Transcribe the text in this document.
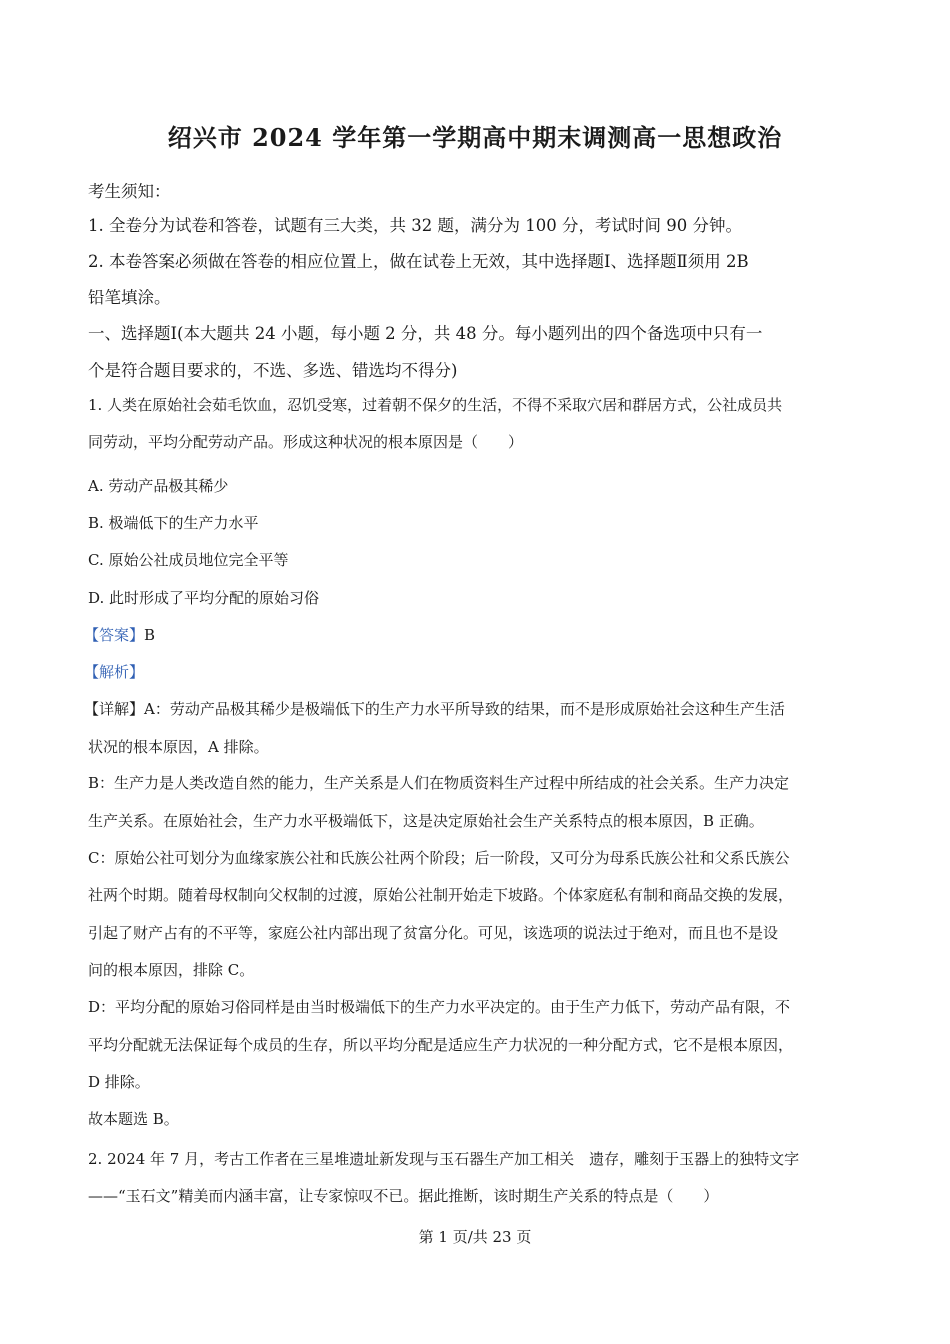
绍兴市 2024 学年第一学期高中期末调测高一思想政治
考生须知：
1. 全卷分为试卷和答卷，试题有三大类，共 32 题，满分为 100 分，考试时间 90 分钟。
2. 本卷答案必须做在答卷的相应位置上，做在试卷上无效，其中选择题Ⅰ、选择题Ⅱ须用 2B
铅笔填涂。
一、选择题Ⅰ(本大题共 24 小题，每小题 2 分，共 48 分。每小题列出的四个备选项中只有一
个是符合题目要求的，不选、多选、错选均不得分)
1. 人类在原始社会茹毛饮血，忍饥受寒，过着朝不保夕的生活，不得不采取穴居和群居方式，公社成员共
同劳动，平均分配劳动产品。形成这种状况的根本原因是（　　）
A. 劳动产品极其稀少
B. 极端低下的生产力水平
C. 原始公社成员地位完全平等
D. 此时形成了平均分配的原始习俗
【答案】B
【解析】
【详解】A：劳动产品极其稀少是极端低下的生产力水平所导致的结果，而不是形成原始社会这种生产生活
状况的根本原因，A 排除。
B：生产力是人类改造自然的能力，生产关系是人们在物质资料生产过程中所结成的社会关系。生产力决定
生产关系。在原始社会，生产力水平极端低下，这是决定原始社会生产关系特点的根本原因，B 正确。
C：原始公社可划分为血缘家族公社和氏族公社两个阶段；后一阶段，又可分为母系氏族公社和父系氏族公
社两个时期。随着母权制向父权制的过渡，原始公社制开始走下坡路。个体家庭私有制和商品交换的发展，
引起了财产占有的不平等，家庭公社内部出现了贫富分化。可见，该选项的说法过于绝对，而且也不是设
问的根本原因，排除 C。
D：平均分配的原始习俗同样是由当时极端低下的生产力水平决定的。由于生产力低下，劳动产品有限，不
平均分配就无法保证每个成员的生存，所以平均分配是适应生产力状况的一种分配方式，它不是根本原因，
D 排除。
故本题选 B。
2. 2024 年 7 月，考古工作者在三星堆遗址新发现与玉石器生产加工相关　遗存，雕刻于玉器上的独特文字
——“玉石文”精美而内涵丰富，让专家惊叹不已。据此推断，该时期生产关系的特点是（　　）
第 1 页/共 23 页
